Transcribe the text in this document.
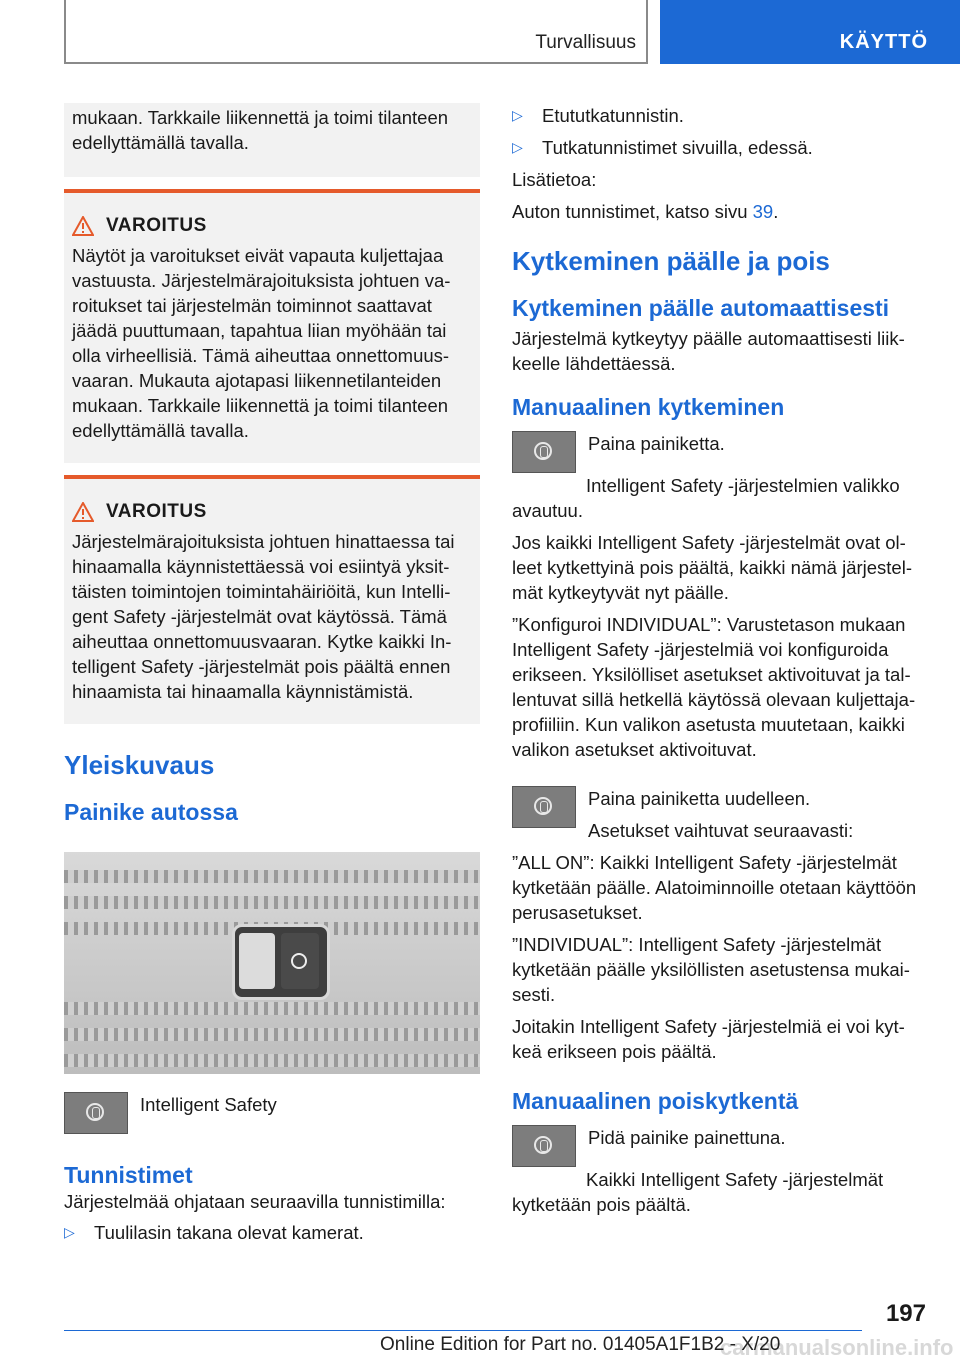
Turvallisuus	KÄYTTÖ

mukaan. Tarkkaile liikennettä ja toimi tilanteen edellyttämällä tavalla.

VAROITUS

Näytöt ja varoitukset eivät vapauta kuljettajaa vastuusta. Järjestelmärajoituksista johtuen va-roitukset tai järjestelmän toiminnot saattavat jäädä puuttumaan, tapahtua liian myöhään tai olla virheellisiä. Tämä aiheuttaa onnettomuus-vaaran. Mukauta ajotapasi liikennetilanteiden mukaan. Tarkkaile liikennettä ja toimi tilanteen edellyttämällä tavalla.

VAROITUS

Järjestelmärajoituksista johtuen hinattaessa tai hinaamalla käynnistettäessä voi esiintyä yksit-täisten toimintojen toimintahäiriöitä, kun Intelli-gent Safety -järjestelmät ovat käytössä. Tämä aiheuttaa onnettomuusvaaran. Kytke kaikki In-telligent Safety -järjestelmät pois päältä ennen hinaamista tai hinaamalla käynnistämistä.

Yleiskuvaus
Painike autossa

Intelligent Safety

Tunnistimet

Järjestelmää ohjataan seuraavilla tunnistimilla:

▷ Tuulilasin takana olevat kamerat.
▷ Etututkatunnistin.
▷ Tutkatunnistimet sivuilla, edessä.

Lisätietoa:

Auton tunnistimet, katso sivu 39.

Kytkeminen päälle ja pois
Kytkeminen päälle automaattisesti

Järjestelmä kytkeytyy päälle automaattisesti liik-keelle lähdettäessä.

Manuaalinen kytkeminen

Paina painiketta.

Intelligent Safety -järjestelmien valikko avautuu.

Jos kaikki Intelligent Safety -järjestelmät ovat ol-leet kytkettyinä pois päältä, kaikki nämä järjestel-mät kytkeytyvät nyt päälle.

”Konfiguroi INDIVIDUAL”: Varustetason mukaan Intelligent Safety -järjestelmiä voi konfiguroida erikseen. Yksilölliset asetukset aktivoituvat ja tal-lentuvat sillä hetkellä käytössä olevaan kuljettaja-profiiliin. Kun valikon asetusta muutetaan, kaikki valikon asetukset aktivoituvat.

Paina painiketta uudelleen.

Asetukset vaihtuvat seuraavasti:

”ALL ON”: Kaikki Intelligent Safety -järjestelmät kytketään päälle. Alatoiminnoille otetaan käyttöön perusasetukset.

”INDIVIDUAL”: Intelligent Safety -järjestelmät kytketään päälle yksilöllisten asetustensa mukai-sesti.

Joitakin Intelligent Safety -järjestelmiä ei voi kyt-keä erikseen pois päältä.

Manuaalinen poiskytkentä

Pidä painike painettuna.

Kaikki Intelligent Safety -järjestelmät kytketään pois päältä.

197
carmanualsonline.info
Online Edition for Part no. 01405A1F1B2 - X/20
